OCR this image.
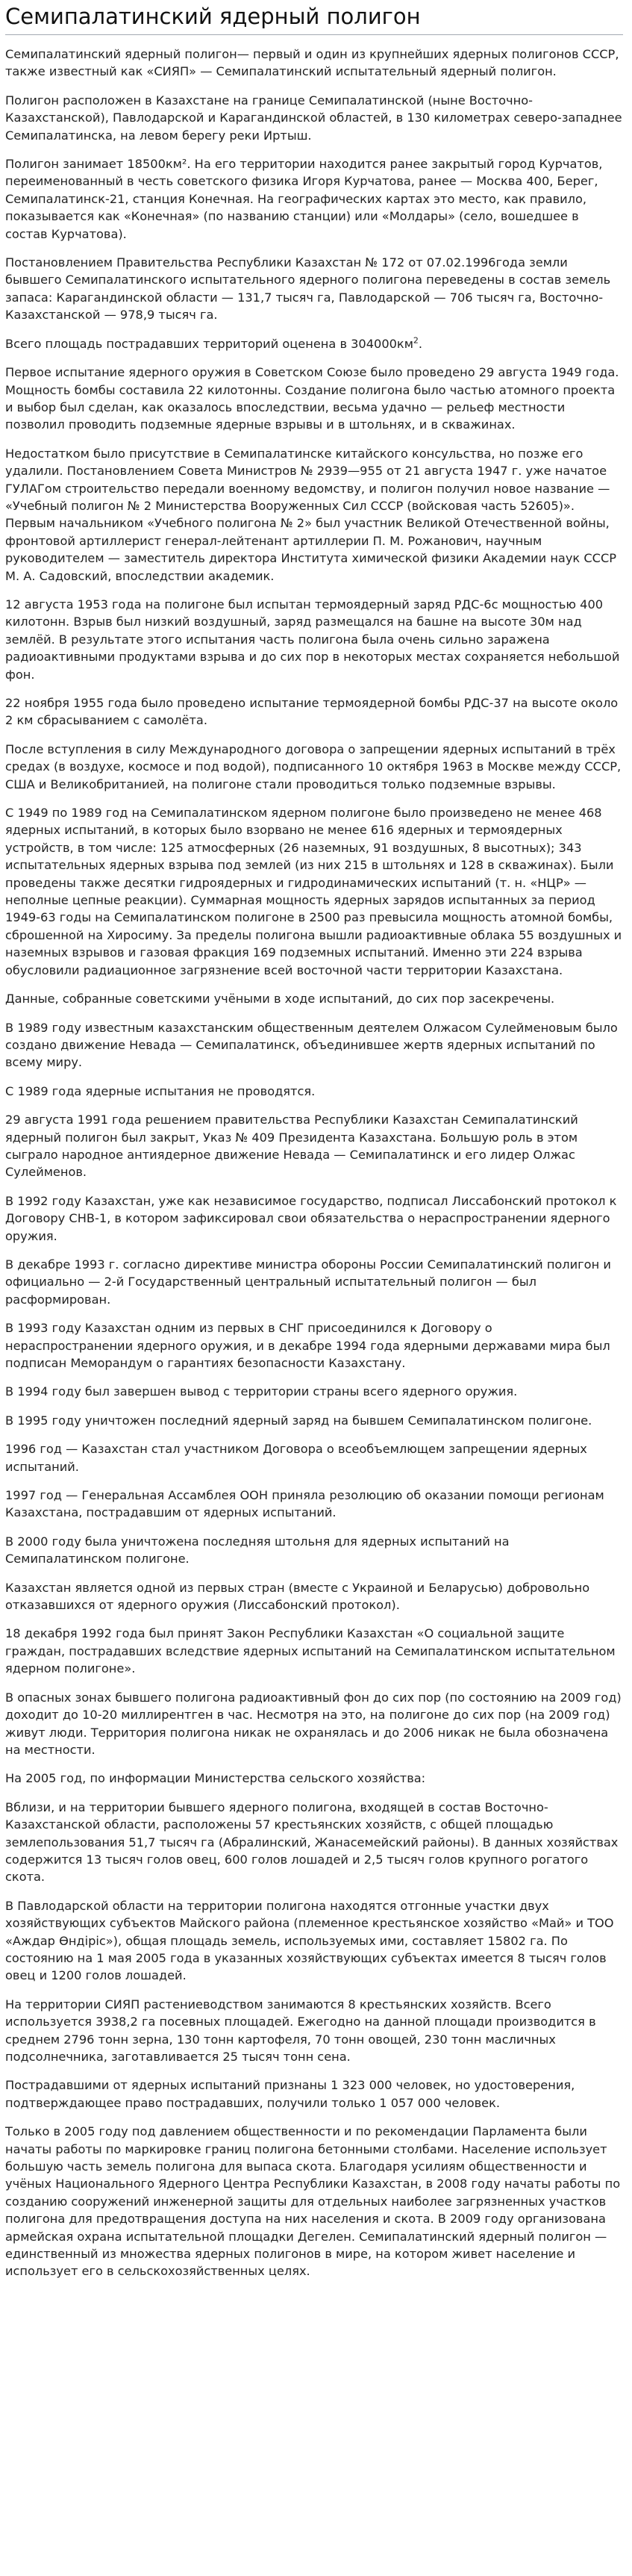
Семипалатинский ядерный полигон

Семипалатинский ядерный полигон— первый и один из крупнейших ядерных полигонов СССР, также известный как «СИЯП» — Семипалатинский испытательный ядерный полигон.

Полигон расположен в Казахстане на границе Семипалатинской (ныне Восточно-Казахстанской), Павлодарской и Карагандинской областей, в 130 километрах северо-западнее Семипалатинска, на левом берегу реки Иртыш.

Полигон занимает 18500км². На его территории находится ранее закрытый город Курчатов, переименованный в честь советского физика Игоря Курчатова, ранее — Москва 400, Берег, Семипалатинск-21, станция Конечная. На географических картах это место, как правило, показывается как «Конечная» (по названию станции) или «Молдары» (село, вошедшее в состав Курчатова).

Постановлением Правительства Республики Казахстан № 172 от 07.02.1996года земли бывшего Семипалатинского испытательного ядерного полигона переведены в состав земель запаса: Карагандинской области — 131,7 тысяч га, Павлодарской — 706 тысяч га, Восточно-Казахстанской — 978,9 тысяч га.

Всего площадь пострадавших территорий оценена в $304000км^2$.

Первое испытание ядерного оружия в Советском Союзе было проведено 29 августа 1949 года. Мощность бомбы составила 22 килотонны. Создание полигона было частью атомного проекта и выбор был сделан, как оказалось впоследствии, весьма удачно — рельеф местности позволил проводить подземные ядерные взрывы и в штольнях, и в скважинах.

Недостатком было присутствие в Семипалатинске китайского консульства, но позже его удалили. Постановлением Совета Министров № 2939—955 от 21 августа 1947 г. уже начатое ГУЛАГом строительство передали военному ведомству, и полигон получил новое название — «Учебный полигон № 2 Министерства Вооруженных Сил СССР (войсковая часть 52605)». Первым начальником «Учебного полигона № 2» был участник Великой Отечественной войны, фронтовой артиллерист генерал-лейтенант артиллерии П. М. Рожанович, научным руководителем — заместитель директора Института химической физики Академии наук СССР М. А. Садовский, впоследствии академик.

12 августа 1953 года на полигоне был испытан термоядерный заряд РДС-6с мощностью 400 килотонн. Взрыв был низкий воздушный, заряд размещался на башне на высоте 30м над землёй. В результате этого испытания часть полигона была очень сильно заражена радиоактивными продуктами взрыва и до сих пор в некоторых местах сохраняется небольшой фон.

22 ноября 1955 года было проведено испытание термоядерной бомбы РДС-37 на высоте около 2 км сбрасыванием с самолёта.

После вступления в силу Международного договора о запрещении ядерных испытаний в трёх средах (в воздухе, космосе и под водой), подписанного 10 октября 1963 в Москве между СССР, США и Великобританией, на полигоне стали проводиться только подземные взрывы.

С 1949 по 1989 год на Семипалатинском ядерном полигоне было произведено не менее 468 ядерных испытаний, в которых было взорвано не менее 616 ядерных и термоядерных устройств, в том числе: 125 атмосферных (26 наземных, 91 воздушных, 8 высотных); 343 испытательных ядерных взрыва под землей (из них 215 в штольнях и 128 в скважинах). Были проведены также десятки гидроядерных и гидродинамических испытаний (т. н. «НЦР» — неполные цепные реакции). Суммарная мощность ядерных зарядов испытанных за период 1949-63 годы на Семипалатинском полигоне в 2500 раз превысила мощность атомной бомбы, сброшенной на Хиросиму. За пределы полигона вышли радиоактивные облака 55 воздушных и наземных взрывов и газовая фракция 169 подземных испытаний. Именно эти 224 взрыва обусловили радиационное загрязнение всей восточной части территории Казахстана.

Данные, собранные советскими учёными в ходе испытаний, до сих пор засекречены.

В 1989 году известным казахстанским общественным деятелем Олжасом Сулейменовым было создано движение Невада — Семипалатинск, объединившее жертв ядерных испытаний по всему миру.

С 1989 года ядерные испытания не проводятся.

29 августа 1991 года решением правительства Республики Казахстан Семипалатинский ядерный полигон был закрыт, Указ № 409 Президента Казахстана. Большую роль в этом сыграло народное антиядерное движение Невада — Семипалатинск и его лидер Олжас Сулейменов.

В 1992 году Казахстан, уже как независимое государство, подписал Лиссабонский протокол к Договору СНВ-1, в котором зафиксировал свои обязательства о нераспространении ядерного оружия.

В декабре 1993 г. согласно директиве министра обороны России Семипалатинский полигон и официально — 2-й Государственный центральный испытательный полигон — был расформирован.

В 1993 году Казахстан одним из первых в СНГ присоединился к Договору о нераспространении ядерного оружия, и в декабре 1994 года ядерными державами мира был подписан Меморандум о гарантиях безопасности Казахстану.

В 1994 году был завершен вывод с территории страны всего ядерного оружия.

В 1995 году уничтожен последний ядерный заряд на бывшем Семипалатинском полигоне.

1996 год — Казахстан стал участником Договора о всеобъемлющем запрещении ядерных испытаний.

1997 год — Генеральная Ассамблея ООН приняла резолюцию об оказании помощи регионам Казахстана, пострадавшим от ядерных испытаний.

В 2000 году была уничтожена последняя штольня для ядерных испытаний на Семипалатинском полигоне.

Казахстан является одной из первых стран (вместе с Украиной и Беларусью) добровольно отказавшихся от ядерного оружия (Лиссабонский протокол).

18 декабря 1992 года был принят Закон Республики Казахстан «О социальной защите граждан, пострадавших вследствие ядерных испытаний на Семипалатинском испытательном ядерном полигоне».

В опасных зонах бывшего полигона радиоактивный фон до сих пор (по состоянию на 2009 год) доходит до 10-20 миллирентген в час. Несмотря на это, на полигоне до сих пор (на 2009 год) живут люди. Территория полигона никак не охранялась и до 2006 никак не была обозначена на местности.

На 2005 год, по информации Министерства сельского хозяйства:

Вблизи, и на территории бывшего ядерного полигона, входящей в состав Восточно-Казахстанской области, расположены 57 крестьянских хозяйств, с общей площадью землепользования 51,7 тысяч га (Абралинский, Жанасемейский районы). В данных хозяйствах содержится 13 тысяч голов овец, 600 голов лошадей и 2,5 тысяч голов крупного рогатого скота.

В Павлодарской области на территории полигона находятся отгонные участки двух хозяйствующих субъектов Майского района (племенное крестьянское хозяйство «Май» и ТОО «Аждар Өндіріс»), общая площадь земель, используемых ими, составляет 15802 га. По состоянию на 1 мая 2005 года в указанных хозяйствующих субъектах имеется 8 тысяч голов овец и 1200 голов лошадей.

На территории СИЯП растениеводством занимаются 8 крестьянских хозяйств. Всего используется 3938,2 га посевных площадей. Ежегодно на данной площади производится в среднем 2796 тонн зерна, 130 тонн картофеля, 70 тонн овощей, 230 тонн масличных подсолнечника, заготавливается 25 тысяч тонн сена.

Пострадавшими от ядерных испытаний признаны 1 323 000 человек, но удостоверения, подтверждающее право пострадавших, получили только 1 057 000 человек.

Только в 2005 году под давлением общественности и по рекомендации Парламента были начаты работы по маркировке границ полигона бетонными столбами. Население использует большую часть земель полигона для выпаса скота. Благодаря усилиям общественности и учёных Национального Ядерного Центра Республики Казахстан, в 2008 году начаты работы по созданию сооружений инженерной защиты для отдельных наиболее загрязненных участков полигона для предотвращения доступа на них населения и скота. В 2009 году организована армейская охрана испытательной площадки Дегелен. Семипалатинский ядерный полигон — единственный из множества ядерных полигонов в мире, на котором живет население и использует его в сельскохозяйственных целях.
